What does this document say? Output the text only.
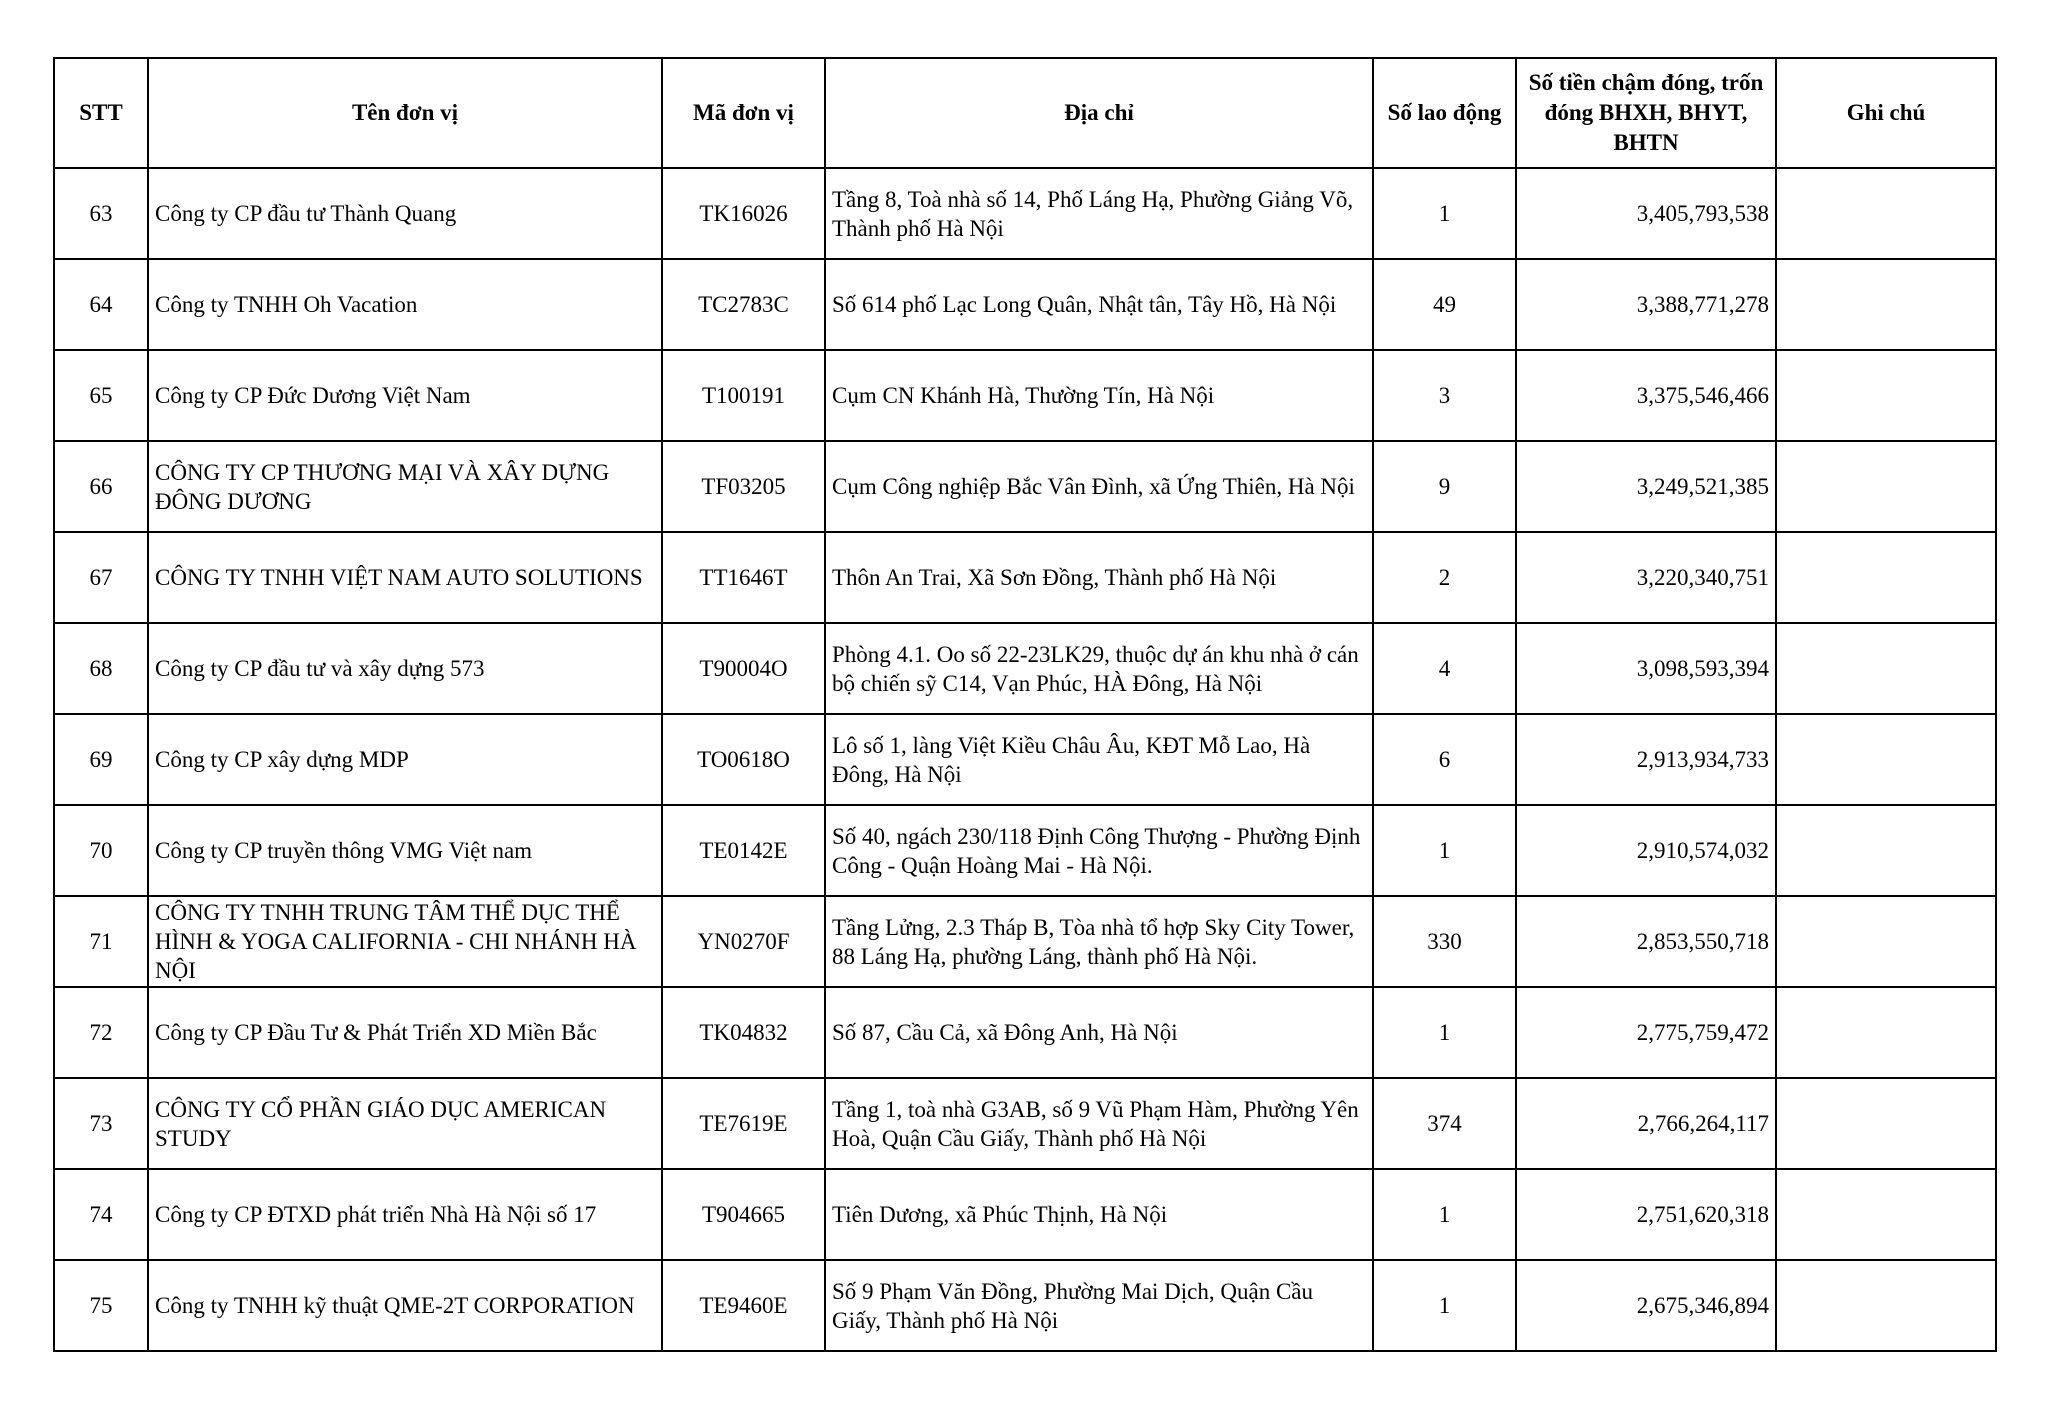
STT	Tên đơn vị	Mã đơn vị	Địa chỉ	Số lao động	Số tiền chậm đóng, trốn đóng BHXH, BHYT, BHTN	Ghi chú
63	Công ty CP đầu tư Thành Quang	TK16026	Tầng 8, Toà nhà số 14, Phố Láng Hạ, Phường Giảng Võ, Thành phố Hà Nội	1	3,405,793,538	
64	Công ty TNHH Oh Vacation	TC2783C	Số 614 phố Lạc Long Quân, Nhật tân, Tây Hồ, Hà Nội	49	3,388,771,278	
65	Công ty CP Đức Dương Việt Nam	T100191	Cụm CN Khánh Hà, Thường Tín, Hà Nội	3	3,375,546,466	
66	CÔNG TY CP THƯƠNG MẠI VÀ XÂY DỰNG ĐÔNG DƯƠNG	TF03205	Cụm Công nghiệp Bắc Vân Đình, xã Ứng Thiên, Hà Nội	9	3,249,521,385	
67	CÔNG TY TNHH VIỆT NAM AUTO SOLUTIONS	TT1646T	Thôn An Trai, Xã Sơn Đồng, Thành phố Hà Nội	2	3,220,340,751	
68	Công ty CP đầu tư và xây dựng 573	T90004O	Phòng 4.1. Oo số 22-23LK29, thuộc dự án khu nhà ở cán bộ chiến sỹ C14, Vạn Phúc, HÀ Đông, Hà Nội	4	3,098,593,394	
69	Công ty CP xây dựng MDP	TO0618O	Lô số 1, làng Việt Kiều Châu Âu, KĐT Mỗ Lao, Hà Đông, Hà Nội	6	2,913,934,733	
70	Công ty CP truyền thông VMG Việt nam	TE0142E	Số 40, ngách 230/118 Định Công Thượng - Phường Định Công - Quận Hoàng Mai - Hà Nội.	1	2,910,574,032	
71	CÔNG TY TNHH TRUNG TÂM THỂ DỤC THỂ HÌNH & YOGA CALIFORNIA - CHI NHÁNH HÀ NỘI	YN0270F	Tầng Lửng, 2.3 Tháp B, Tòa nhà tổ hợp Sky City Tower, 88 Láng Hạ, phường Láng, thành phố Hà Nội.	330	2,853,550,718	
72	Công ty CP Đầu Tư & Phát Triển XD Miền Bắc	TK04832	Số 87, Cầu Cả, xã Đông Anh, Hà Nội	1	2,775,759,472	
73	CÔNG TY CỔ PHẦN GIÁO DỤC AMERICAN STUDY	TE7619E	Tầng 1, toà nhà G3AB, số 9 Vũ Phạm Hàm, Phường Yên Hoà, Quận Cầu Giấy, Thành phố Hà Nội	374	2,766,264,117	
74	Công ty CP ĐTXD phát triển Nhà Hà Nội số 17	T904665	Tiên Dương, xã Phúc Thịnh, Hà Nội	1	2,751,620,318	
75	Công ty TNHH kỹ thuật QME-2T CORPORATION	TE9460E	Số 9 Phạm Văn Đồng, Phường Mai Dịch, Quận Cầu Giấy, Thành phố Hà Nội	1	2,675,346,894	
